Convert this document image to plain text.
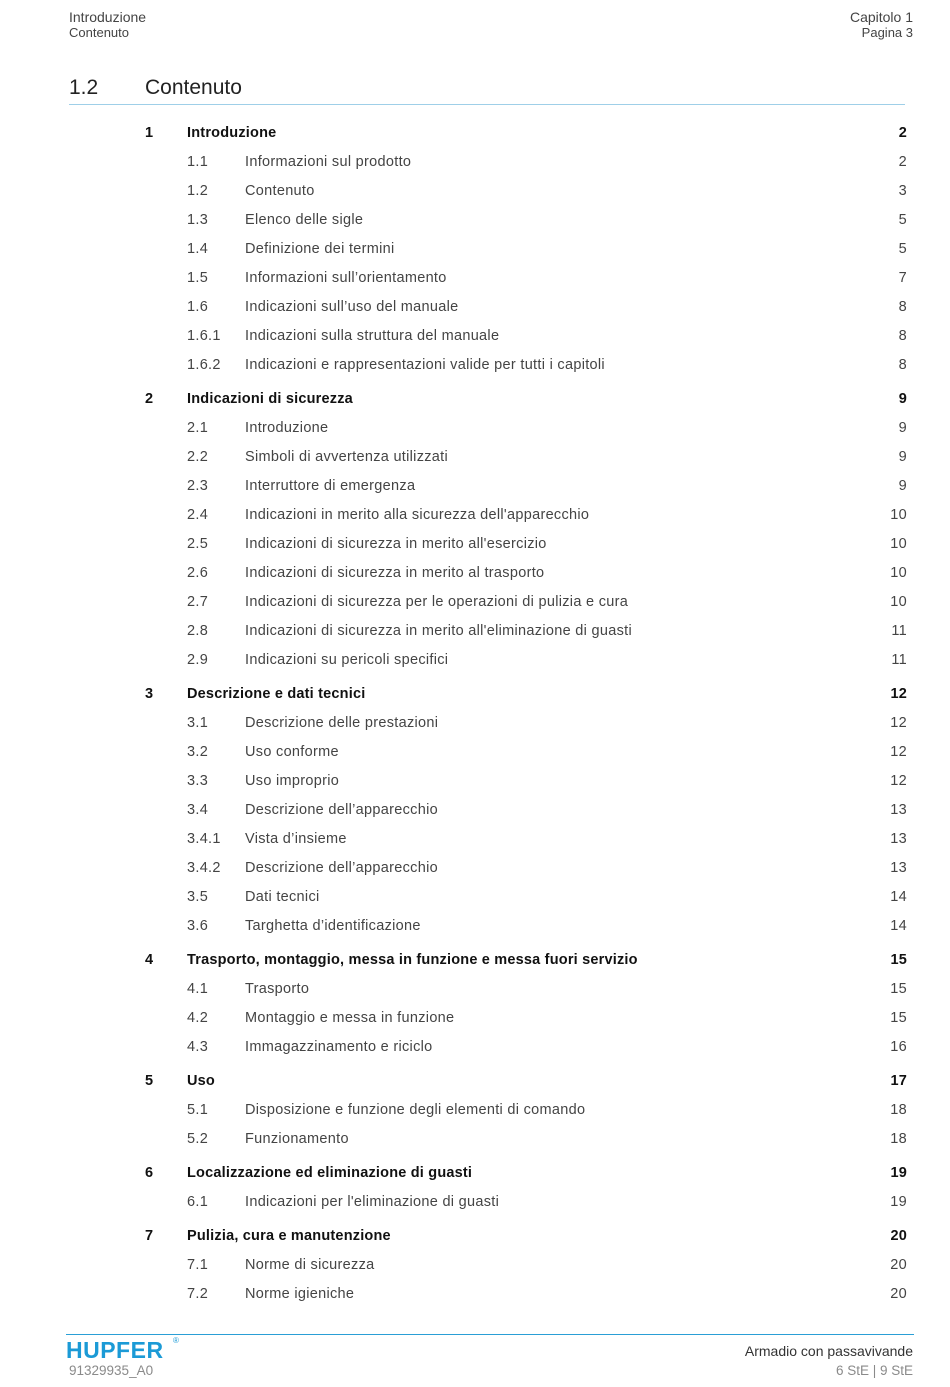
Introduzione
Contenuto
Capitolo 1
Pagina 3
1.2 Contenuto
1 Introduzione	2
1.1	Informazioni sul prodotto	2
1.2	Contenuto	3
1.3	Elenco delle sigle	5
1.4	Definizione dei termini	5
1.5	Informazioni sull’orientamento	7
1.6	Indicazioni sull’uso del manuale	8
1.6.1 Indicazioni sulla struttura del manuale	8
1.6.2 Indicazioni e rappresentazioni valide per tutti i capitoli	8
2 Indicazioni di sicurezza	9
2.1	Introduzione	9
2.2	Simboli di avvertenza utilizzati	9
2.3	Interruttore di emergenza	9
2.4	Indicazioni in merito alla sicurezza dell'apparecchio	10
2.5	Indicazioni di sicurezza in merito all'esercizio	10
2.6	Indicazioni di sicurezza in merito al trasporto	10
2.7	Indicazioni di sicurezza per le operazioni di pulizia e cura	10
2.8	Indicazioni di sicurezza in merito all'eliminazione di guasti	11
2.9	Indicazioni su pericoli specifici	11
3 Descrizione e dati tecnici	12
3.1	Descrizione delle prestazioni	12
3.2	Uso conforme	12
3.3	Uso improprio	12
3.4	Descrizione dell’apparecchio	13
3.4.1 Vista d’insieme	13
3.4.2 Descrizione dell’apparecchio	13
3.5	Dati tecnici	14
3.6	Targhetta d’identificazione	14
4 Trasporto, montaggio, messa in funzione e messa fuori servizio	15
4.1	Trasporto	15
4.2	Montaggio e messa in funzione	15
4.3	Immagazzinamento e riciclo	16
5 Uso	17
5.1	Disposizione e funzione degli elementi di comando	18
5.2	Funzionamento	18
6 Localizzazione ed eliminazione di guasti	19
6.1	Indicazioni per l'eliminazione di guasti	19
7 Pulizia, cura e manutenzione	20
7.1	Norme di sicurezza	20
7.2	Norme igieniche	20
HUPFER ®
91329935_A0
Armadio con passavivande
6 StE | 9 StE
